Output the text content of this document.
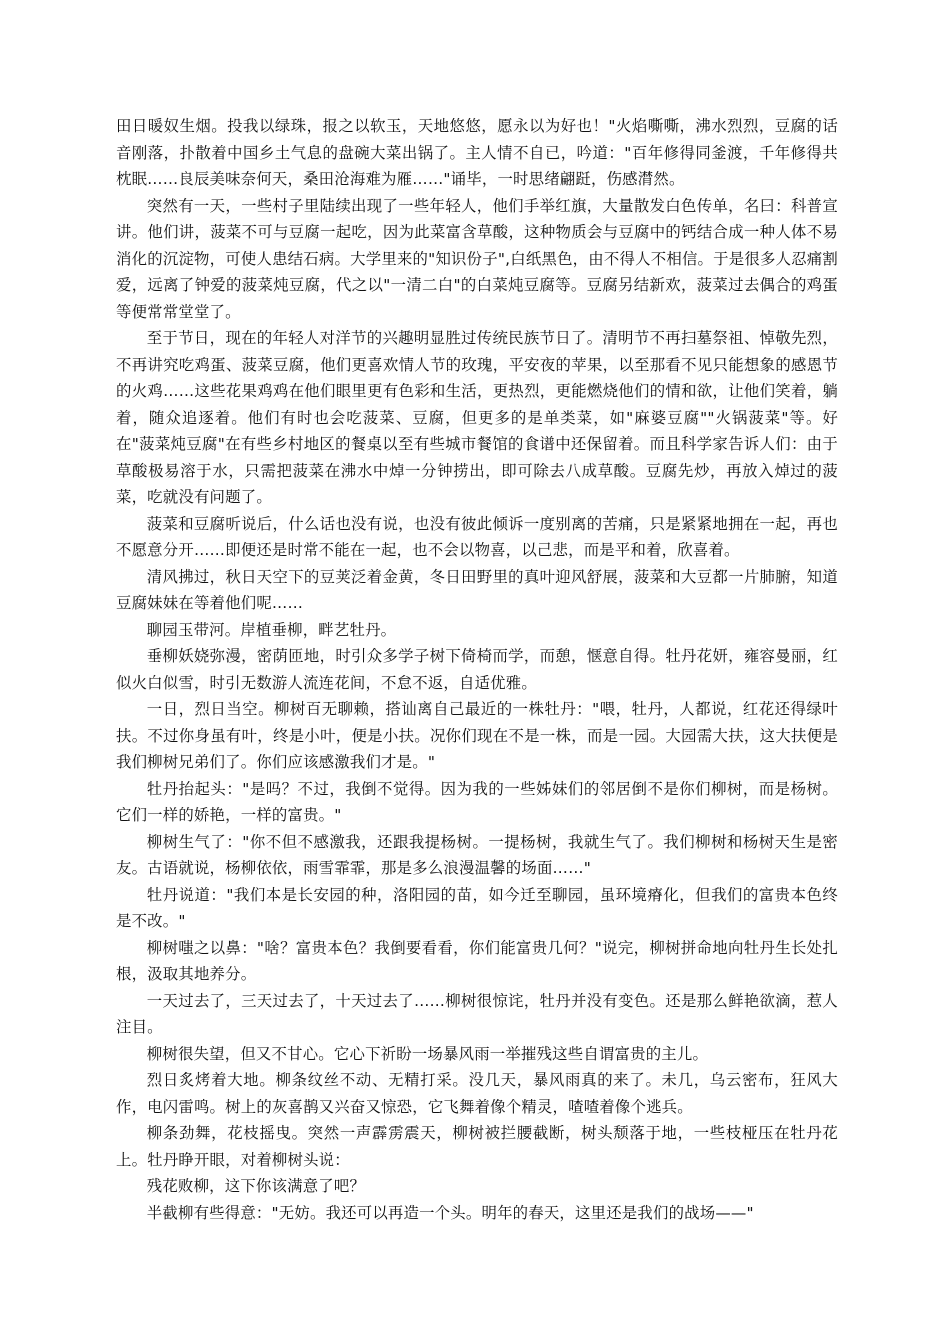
田日暖奴生烟。投我以绿珠，报之以软玉，天地悠悠，愿永以为好也！"火焰嘶嘶，沸水烈烈，豆腐的话音刚落，扑散着中国乡土气息的盘碗大菜出锅了。主人情不自已，吟道："百年修得同釜渡，千年修得共枕眠……良辰美味奈何天，桑田沧海难为雁……"诵毕，一时思绪翩跹，伤感潸然。

突然有一天，一些村子里陆续出现了一些年轻人，他们手举红旗，大量散发白色传单，名曰：科普宣讲。他们讲，菠菜不可与豆腐一起吃，因为此菜富含草酸，这种物质会与豆腐中的钙结合成一种人体不易消化的沉淀物，可使人患结石病。大学里来的"知识份子",白纸黑色，由不得人不相信。于是很多人忍痛割爱，远离了钟爱的菠菜炖豆腐，代之以"一清二白"的白菜炖豆腐等。豆腐另结新欢，菠菜过去偶合的鸡蛋等便常常堂堂了。

至于节日，现在的年轻人对洋节的兴趣明显胜过传统民族节日了。清明节不再扫墓祭祖、悼敬先烈，不再讲究吃鸡蛋、菠菜豆腐，他们更喜欢情人节的玫瑰，平安夜的苹果，以至那看不见只能想象的感恩节的火鸡……这些花果鸡鸡在他们眼里更有色彩和生活，更热烈，更能燃烧他们的情和欲，让他们笑着，躺着，随众追逐着。他们有时也会吃菠菜、豆腐，但更多的是单类菜，如"麻婆豆腐""火锅菠菜"等。好在"菠菜炖豆腐"在有些乡村地区的餐桌以至有些城市餐馆的食谱中还保留着。而且科学家告诉人们：由于草酸极易溶于水，只需把菠菜在沸水中焯一分钟捞出，即可除去八成草酸。豆腐先炒，再放入焯过的菠菜，吃就没有问题了。

菠菜和豆腐听说后，什么话也没有说，也没有彼此倾诉一度别离的苦痛，只是紧紧地拥在一起，再也不愿意分开……即便还是时常不能在一起，也不会以物喜，以己悲，而是平和着，欣喜着。

清风拂过，秋日天空下的豆荚泛着金黄，冬日田野里的真叶迎风舒展，菠菜和大豆都一片肺腑，知道豆腐妹妹在等着他们呢……

聊园玉带河。岸植垂柳，畔艺牡丹。

垂柳妖娆弥漫，密荫匝地，时引众多学子树下倚椅而学，而憩，惬意自得。牡丹花妍，雍容曼丽，红似火白似雪，时引无数游人流连花间，不怠不返，自适优雅。

一日，烈日当空。柳树百无聊赖，搭讪离自己最近的一株牡丹："喂，牡丹，人都说，红花还得绿叶扶。不过你身虽有叶，终是小叶，便是小扶。况你们现在不是一株，而是一园。大园需大扶，这大扶便是我们柳树兄弟们了。你们应该感激我们才是。"

牡丹抬起头："是吗？不过，我倒不觉得。因为我的一些姊妹们的邻居倒不是你们柳树，而是杨树。它们一样的娇艳，一样的富贵。"

柳树生气了："你不但不感激我，还跟我提杨树。一提杨树，我就生气了。我们柳树和杨树天生是密友。古语就说，杨柳依依，雨雪霏霏，那是多么浪漫温馨的场面……"

牡丹说道："我们本是长安园的种，洛阳园的苗，如今迁至聊园，虽环境瘠化，但我们的富贵本色终是不改。"

柳树嗤之以鼻："啥？富贵本色？我倒要看看，你们能富贵几何？"说完，柳树拼命地向牡丹生长处扎根，汲取其地养分。

一天过去了，三天过去了，十天过去了……柳树很惊诧，牡丹并没有变色。还是那么鲜艳欲滴，惹人注目。

柳树很失望，但又不甘心。它心下祈盼一场暴风雨一举摧残这些自谓富贵的主儿。

烈日炙烤着大地。柳条纹丝不动、无精打采。没几天，暴风雨真的来了。未几，乌云密布，狂风大作，电闪雷鸣。树上的灰喜鹊又兴奋又惊恐，它飞舞着像个精灵，喳喳着像个逃兵。

柳条劲舞，花枝摇曳。突然一声霹雳震天，柳树被拦腰截断，树头颓落于地，一些枝桠压在牡丹花上。牡丹睁开眼，对着柳树头说：

残花败柳，这下你该满意了吧？

半截柳有些得意："无妨。我还可以再造一个头。明年的春天，这里还是我们的战场——"
